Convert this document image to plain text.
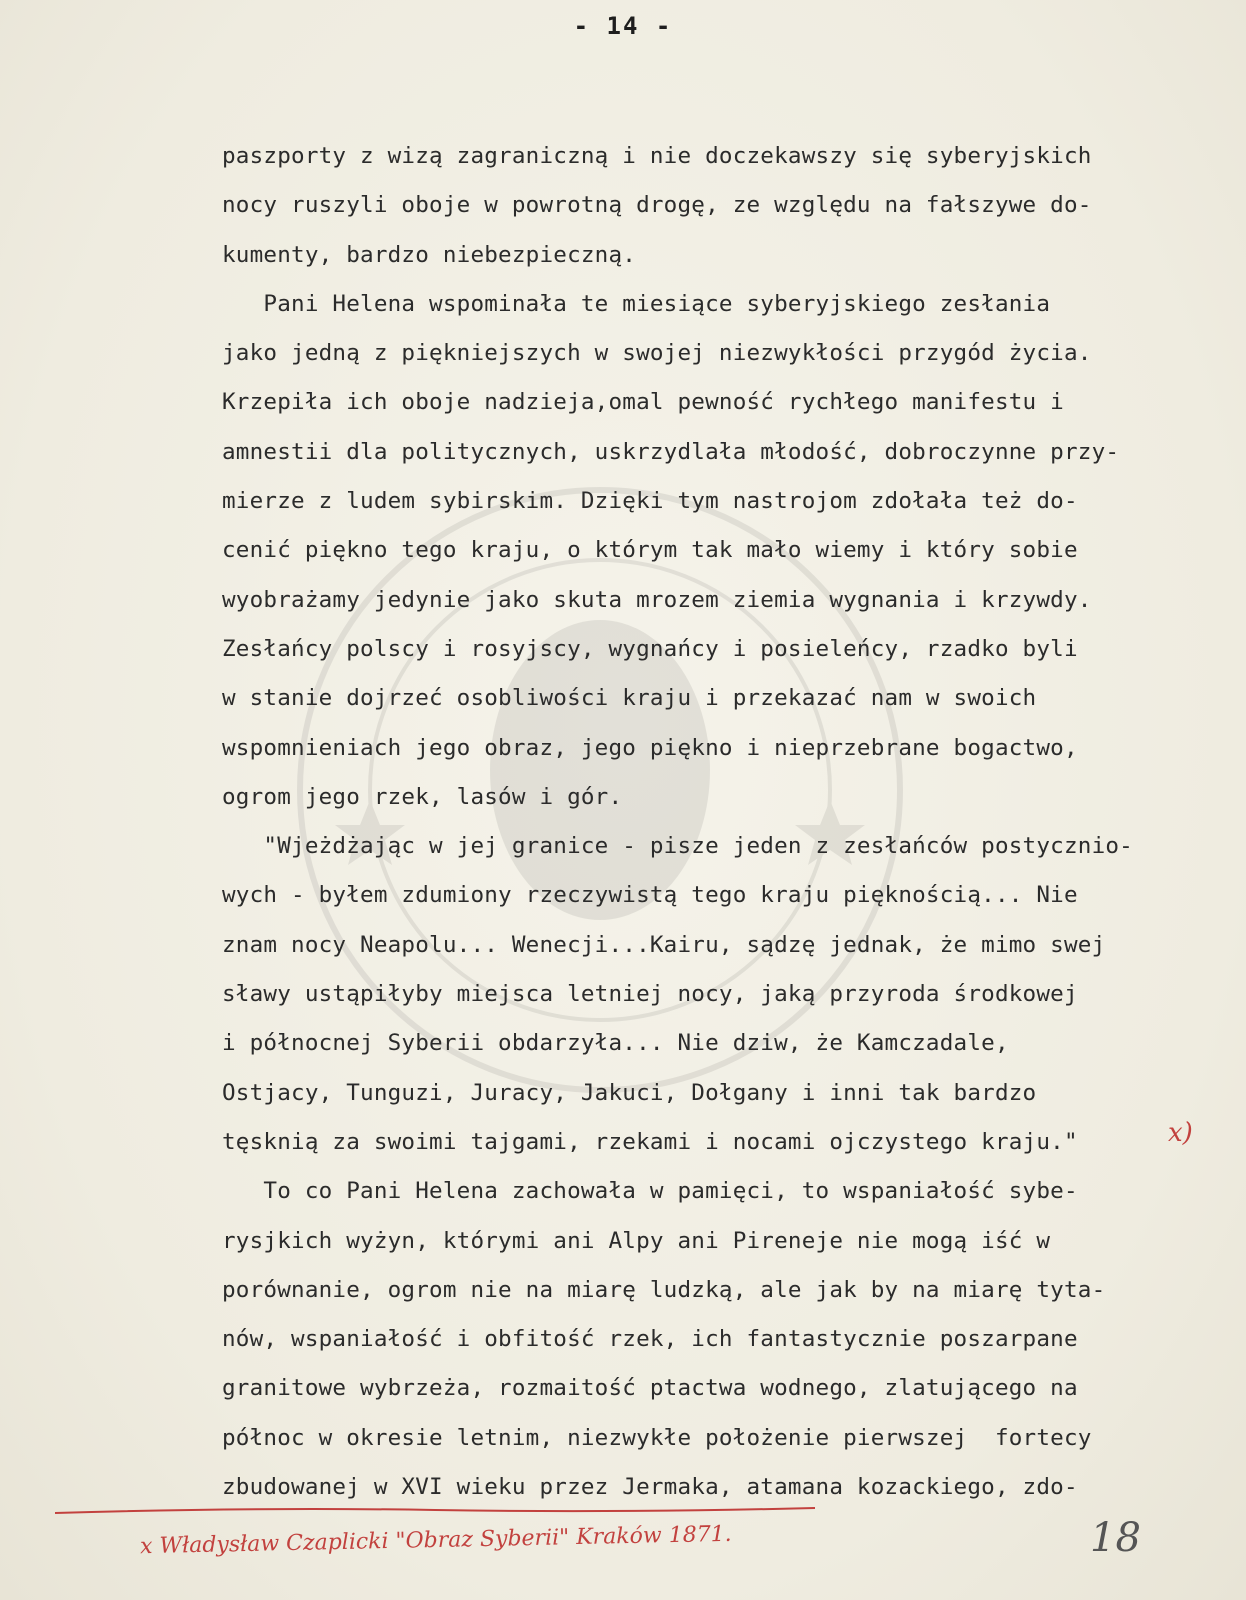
- 14 -
paszporty z wizą zagraniczną i nie doczekawszy się syberyjskich
nocy ruszyli oboje w powrotną drogę, ze względu na fałszywe do-
kumenty, bardzo niebezpieczną.
Pani Helena wspominała te miesiące syberyjskiego zesłania
jako jedną z piękniejszych w swojej niezwykłości przygód życia.
Krzepiła ich oboje nadzieja,omal pewność rychłego manifestu i
amnestii dla politycznych, uskrzydlała młodość, dobroczynne przy-
mierze z ludem sybirskim. Dzięki tym nastrojom zdołała też do-
cenić piękno tego kraju, o którym tak mało wiemy i który sobie
wyobrażamy jedynie jako skuta mrozem ziemia wygnania i krzywdy.
Zesłańcy polscy i rosyjscy, wygnańcy i posieleńcy, rzadko byli
w stanie dojrzeć osobliwości kraju i przekazać nam w swoich
wspomnieniach jego obraz, jego piękno i nieprzebrane bogactwo,
ogrom jego rzek, lasów i gór.
"Wjeżdżając w jej granice - pisze jeden z zesłańców postycznio-
wych - byłem zdumiony rzeczywistą tego kraju pięknością... Nie
znam nocy Neapolu... Wenecji...Kairu, sądzę jednak, że mimo swej
sławy ustąpiłyby miejsca letniej nocy, jaką przyroda środkowej
i północnej Syberii obdarzyła... Nie dziw, że Kamczadale,
Ostjacy, Tunguzi, Juracy, Jakuci, Dołgany i inni tak bardzo
tęsknią za swoimi tajgami, rzekami i nocami ojczystego kraju."
To co Pani Helena zachowała w pamięci, to wspaniałość sybe-
rysjkich wyżyn, którymi ani Alpy ani Pireneje nie mogą iść w
porównanie, ogrom nie na miarę ludzką, ale jak by na miarę tyta-
nów, wspaniałość i obfitość rzek, ich fantastycznie poszarpane
granitowe wybrzeża, rozmaitość ptactwa wodnego, zlatującego na
północ w okresie letnim, niezwykłe położenie pierwszej  fortecy
zbudowanej w XVI wieku przez Jermaka, atamana kozackiego, zdo-
x)
x Władysław Czaplicki "Obraz Syberii" Kraków 1871.	18
